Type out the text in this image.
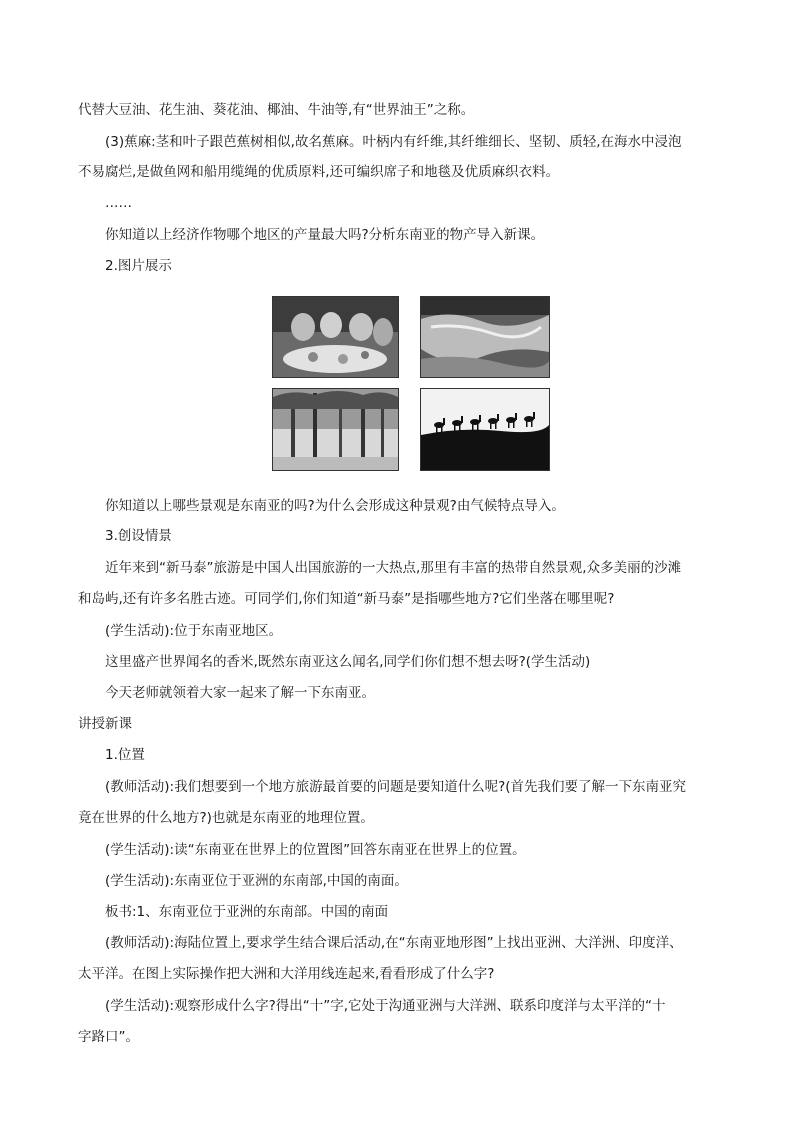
代替大豆油、花生油、葵花油、椰油、牛油等,有“世界油王”之称。
(3)蕉麻:茎和叶子跟芭蕉树相似,故名蕉麻。叶柄内有纤维,其纤维细长、坚韧、质轻,在海水中浸泡
不易腐烂,是做鱼网和船用缆绳的优质原料,还可编织席子和地毯及优质麻织衣料。
……
你知道以上经济作物哪个地区的产量最大吗?分析东南亚的物产导入新课。
2.图片展示
你知道以上哪些景观是东南亚的吗?为什么会形成这种景观?由气候特点导入。
3.创设情景
近年来到“新马泰”旅游是中国人出国旅游的一大热点,那里有丰富的热带自然景观,众多美丽的沙滩
和岛屿,还有许多名胜古迹。可同学们,你们知道“新马泰”是指哪些地方?它们坐落在哪里呢?
(学生活动):位于东南亚地区。
这里盛产世界闻名的香米,既然东南亚这么闻名,同学们你们想不想去呀?(学生活动)
今天老师就领着大家一起来了解一下东南亚。
讲授新课
1.位置
(教师活动):我们想要到一个地方旅游最首要的问题是要知道什么呢?(首先我们要了解一下东南亚究
竟在世界的什么地方?)也就是东南亚的地理位置。
(学生活动):读“东南亚在世界上的位置图”回答东南亚在世界上的位置。
(学生活动):东南亚位于亚洲的东南部,中国的南面。
板书:1、东南亚位于亚洲的东南部。中国的南面
(教师活动):海陆位置上,要求学生结合课后活动,在“东南亚地形图”上找出亚洲、大洋洲、印度洋、
太平洋。在图上实际操作把大洲和大洋用线连起来,看看形成了什么字?
(学生活动):观察形成什么字?得出“十”字,它处于沟通亚洲与大洋洲、联系印度洋与太平洋的“十
字路口”。
